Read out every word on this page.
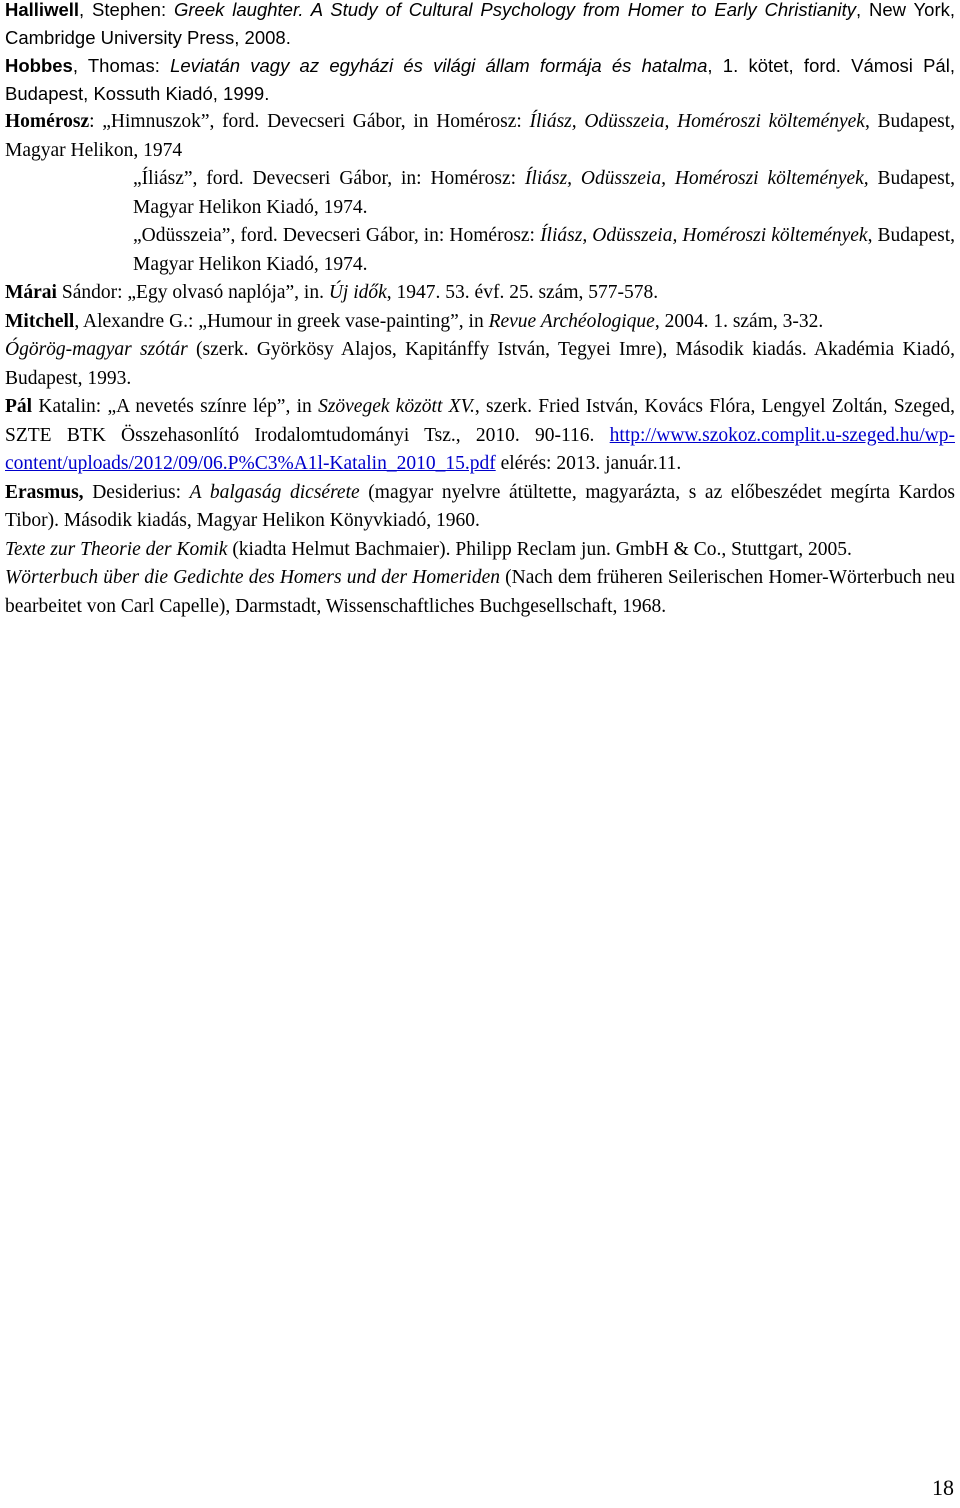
Halliwell, Stephen: Greek laughter. A Study of Cultural Psychology from Homer to Early Christianity, New York, Cambridge University Press, 2008.

Hobbes, Thomas: Leviatán vagy az egyházi és világi állam formája és hatalma, 1. kötet, ford. Vámosi Pál, Budapest, Kossuth Kiadó, 1999.

Homérosz: „Himnuszok”, ford. Devecseri Gábor, in Homérosz: Íliász, Odüsszeia, Homéroszi költemények, Budapest, Magyar Helikon, 1974

„Íliász”, ford. Devecseri Gábor, in: Homérosz: Íliász, Odüsszeia, Homéroszi költemények, Budapest, Magyar Helikon Kiadó, 1974.

„Odüsszeia”, ford. Devecseri Gábor, in: Homérosz: Íliász, Odüsszeia, Homéroszi költemények, Budapest, Magyar Helikon Kiadó, 1974.

Márai Sándor: „Egy olvasó naplója”, in. Új idők, 1947. 53. évf. 25. szám, 577-578.

Mitchell, Alexandre G.: „Humour in greek vase-painting”, in Revue Archéologique, 2004. 1. szám, 3-32.

Ógörög-magyar szótár (szerk. Györkösy Alajos, Kapitánffy István, Tegyei Imre), Második kiadás. Akadémia Kiadó, Budapest, 1993.

Pál Katalin: „A nevetés színre lép”, in Szövegek között XV., szerk. Fried István, Kovács Flóra, Lengyel Zoltán, Szeged, SZTE BTK Összehasonlító Irodalomtudományi Tsz., 2010. 90-116. http://www.szokoz.complit.u-szeged.hu/wp-content/uploads/2012/09/06.P%C3%A1l-Katalin_2010_15.pdf elérés: 2013. január.11.

Erasmus, Desiderius: A balgaság dicsérete (magyar nyelvre átültette, magyarázta, s az előbeszédet megírta Kardos Tibor). Második kiadás, Magyar Helikon Könyvkiadó, 1960.

Texte zur Theorie der Komik (kiadta Helmut Bachmaier). Philipp Reclam jun. GmbH & Co., Stuttgart, 2005.

Wörterbuch über die Gedichte des Homers und der Homeriden (Nach dem früheren Seilerischen Homer-Wörterbuch neu bearbeitet von Carl Capelle), Darmstadt, Wissenschaftliches Buchgesellschaft, 1968.

18
